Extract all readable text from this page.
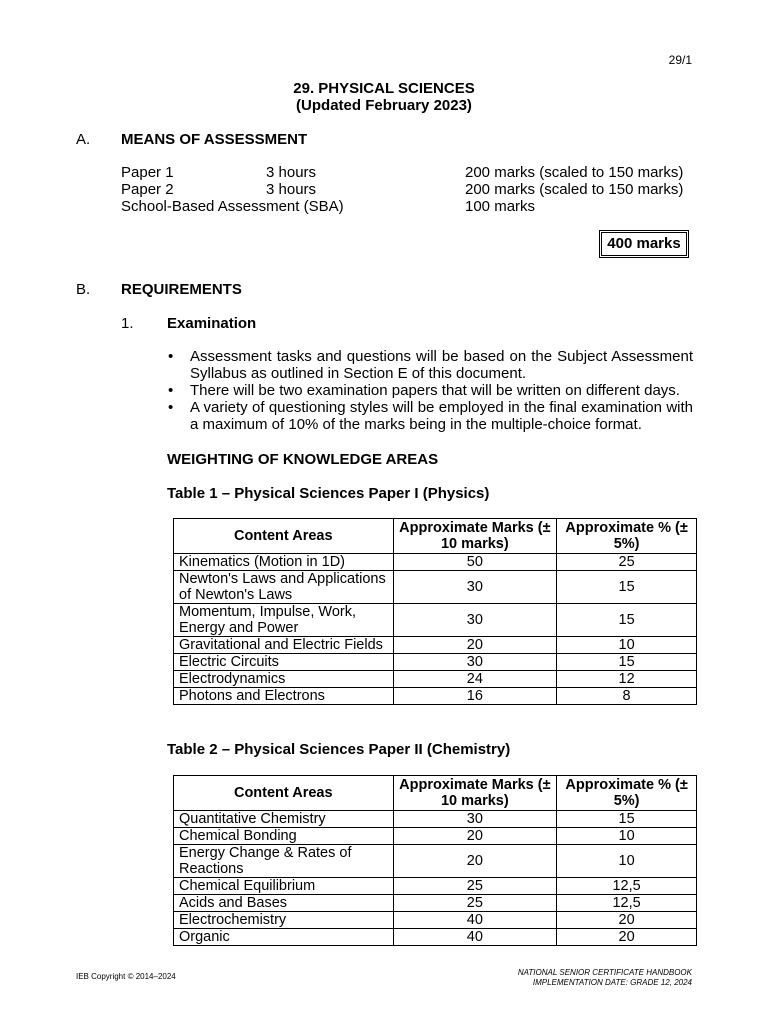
29/1
29. PHYSICAL SCIENCES
(Updated February 2023)
A. MEANS OF ASSESSMENT
Paper 1	3 hours	200 marks (scaled to 150 marks)
Paper 2	3 hours	200 marks (scaled to 150 marks)
School-Based Assessment (SBA)	100 marks
400 marks
B. REQUIREMENTS
1. Examination
• Assessment tasks and questions will be based on the Subject Assessment Syllabus as outlined in Section E of this document.
• There will be two examination papers that will be written on different days.
• A variety of questioning styles will be employed in the final examination with a maximum of 10% of the marks being in the multiple-choice format.
WEIGHTING OF KNOWLEDGE AREAS
Table 1 – Physical Sciences Paper I (Physics)
Content Areas	Approximate Marks (± 10 marks)	Approximate % (± 5%)
Kinematics (Motion in 1D)	50	25
Newton's Laws and Applications of Newton's Laws	30	15
Momentum, Impulse, Work, Energy and Power	30	15
Gravitational and Electric Fields	20	10
Electric Circuits	30	15
Electrodynamics	24	12
Photons and Electrons	16	8
Table 2 – Physical Sciences Paper II (Chemistry)
Content Areas	Approximate Marks (± 10 marks)	Approximate % (± 5%)
Quantitative Chemistry	30	15
Chemical Bonding	20	10
Energy Change & Rates of Reactions	20	10
Chemical Equilibrium	25	12,5
Acids and Bases	25	12,5
Electrochemistry	40	20
Organic	40	20
IEB Copyright © 2014–2024	NATIONAL SENIOR CERTIFICATE HANDBOOK
IMPLEMENTATION DATE: GRADE 12, 2024
